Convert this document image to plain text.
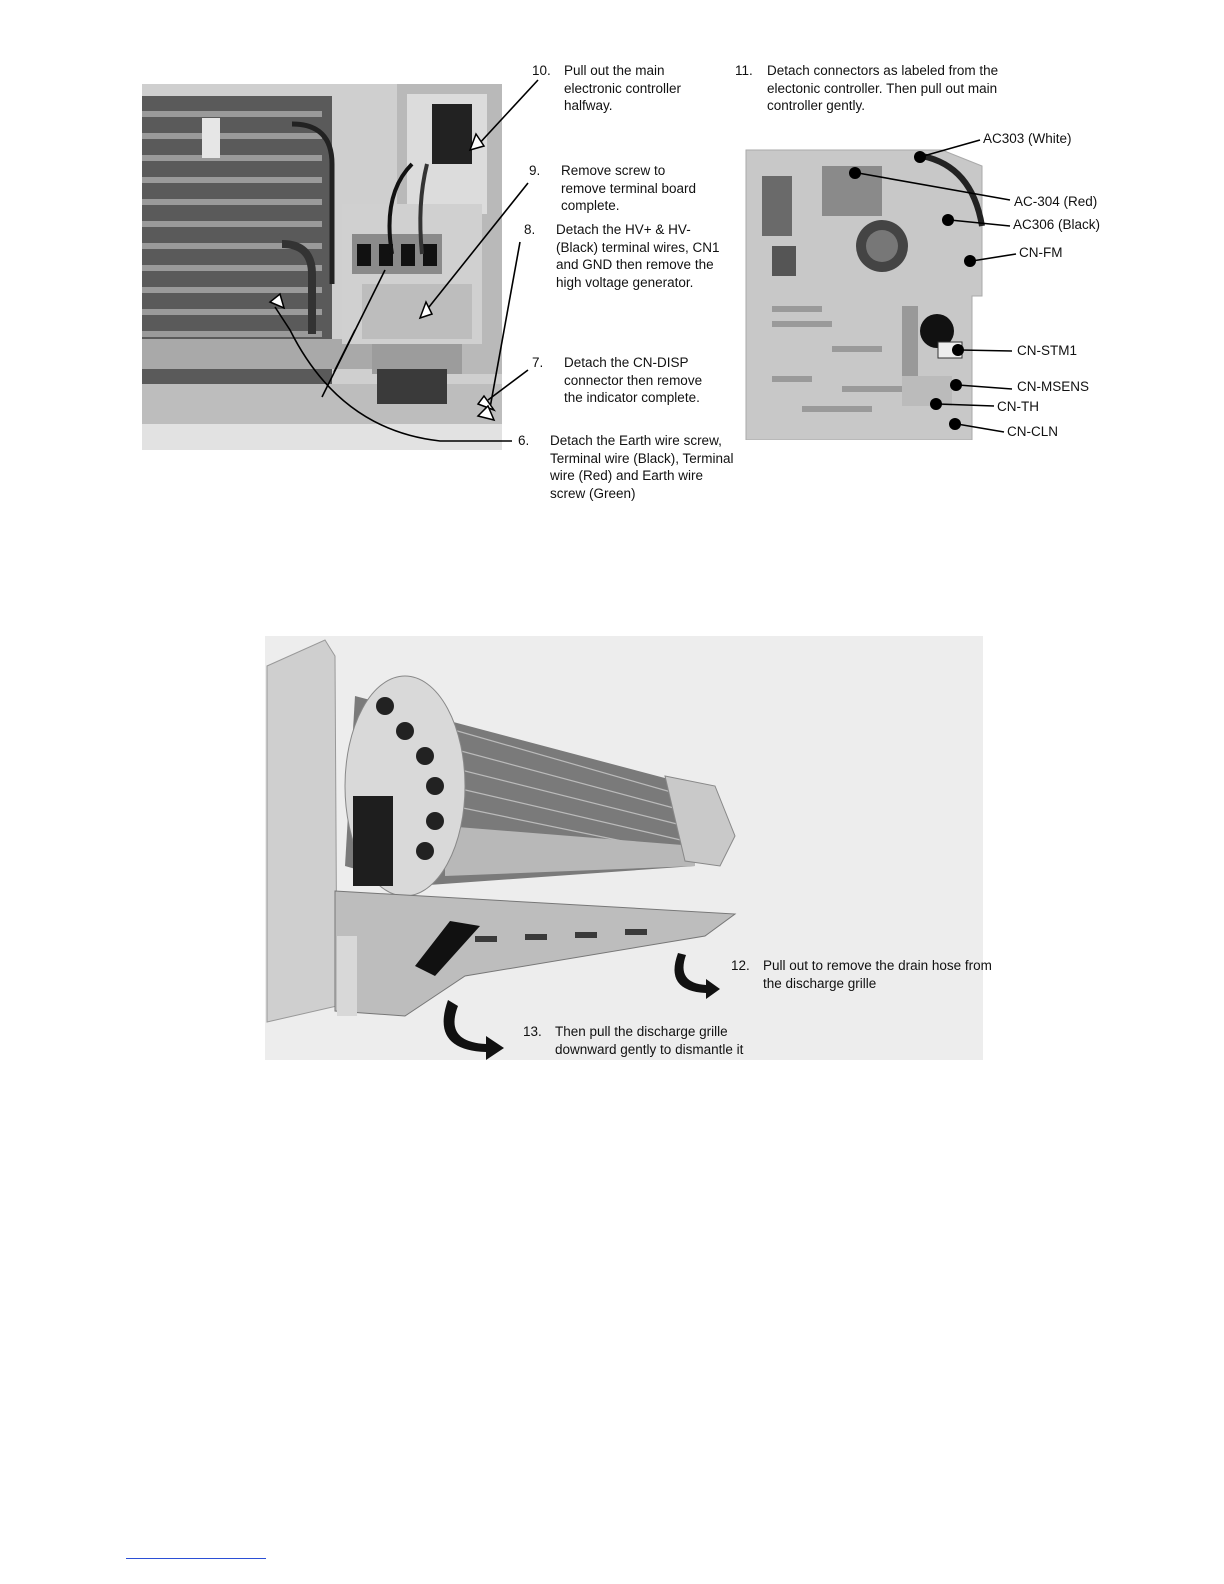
10. Pull out the main electronic controller halfway.
11. Detach connectors as labeled from the electonic controller. Then pull out main controller gently.
9. Remove screw to remove terminal board complete.
8. Detach the HV+ & HV- (Black) terminal wires, CN1 and GND then remove the high voltage generator.
7. Detach the CN-DISP connector then remove the indicator complete.
6. Detach the Earth wire screw, Terminal wire (Black), Terminal wire (Red) and Earth wire screw (Green)
12. Pull out to remove the drain hose from the discharge grille
13. Then pull the discharge grille downward gently to dismantle it
AC303 (White)
AC-304 (Red)
AC306 (Black)
CN-FM
CN-STM1
CN-MSENS
CN-TH
CN-CLN
